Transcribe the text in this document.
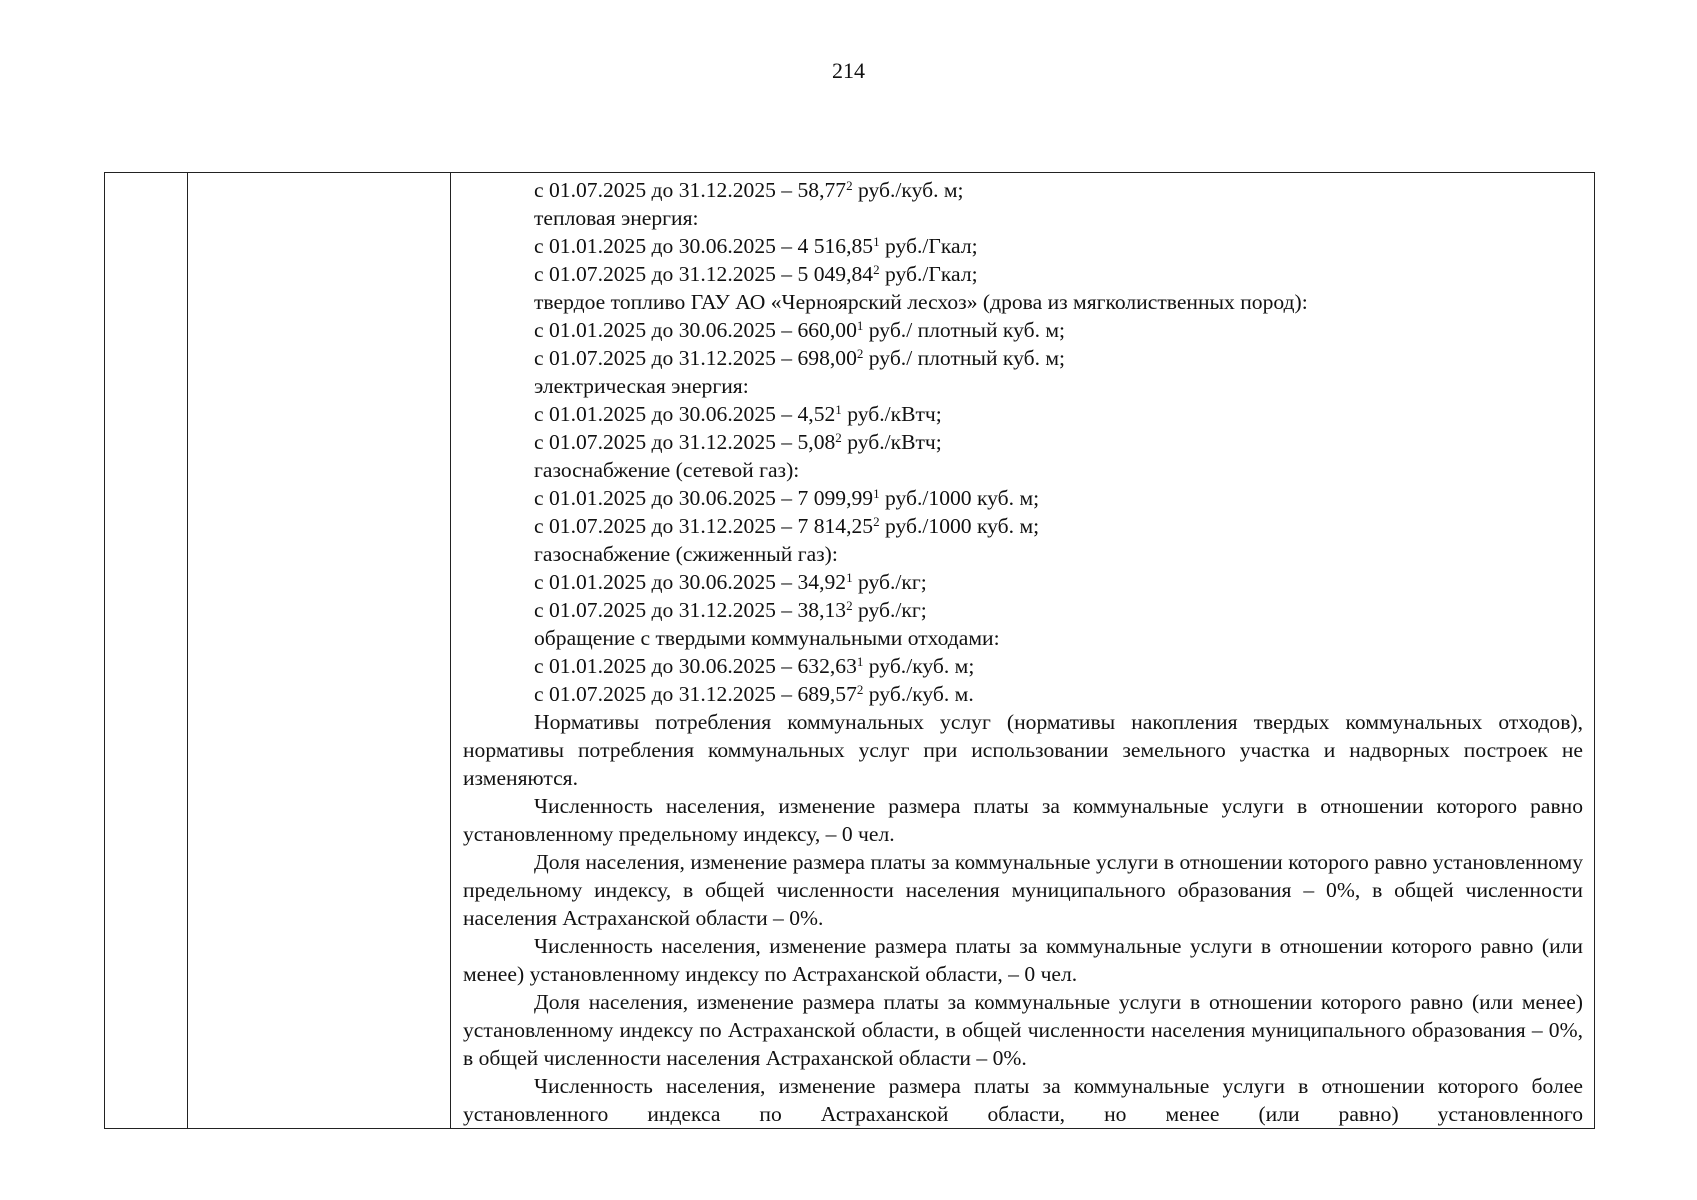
214

с 01.07.2025 до 31.12.2025 – 58,77$^2$ руб./куб. м;
тепловая энергия:
с 01.01.2025 до 30.06.2025 – 4 516,85$^1$ руб./Гкал;
с 01.07.2025 до 31.12.2025 – 5 049,84$^2$ руб./Гкал;
твердое топливо ГАУ АО «Черноярский лесхоз» (дрова из мягколиственных пород):
с 01.01.2025 до 30.06.2025 – 660,00$^1$ руб./ плотный куб. м;
с 01.07.2025 до 31.12.2025 – 698,00$^2$ руб./ плотный куб. м;
электрическая энергия:
с 01.01.2025 до 30.06.2025 – 4,52$^1$ руб./кВтч;
с 01.07.2025 до 31.12.2025 – 5,08$^2$ руб./кВтч;
газоснабжение (сетевой газ):
с 01.01.2025 до 30.06.2025 – 7 099,99$^1$ руб./1000 куб. м;
с 01.07.2025 до 31.12.2025 – 7 814,25$^2$ руб./1000 куб. м;
газоснабжение (сжиженный газ):
с 01.01.2025 до 30.06.2025 – 34,92$^1$ руб./кг;
с 01.07.2025 до 31.12.2025 – 38,13$^2$ руб./кг;
обращение с твердыми коммунальными отходами:
с 01.01.2025 до 30.06.2025 – 632,63$^1$ руб./куб. м;
с 01.07.2025 до 31.12.2025 – 689,57$^2$ руб./куб. м.
Нормативы потребления коммунальных услуг (нормативы накопления твердых коммунальных отходов), нормативы потребления коммунальных услуг при использовании земельного участка и надворных построек не изменяются.
Численность населения, изменение размера платы за коммунальные услуги в отношении которого равно установленному предельному индексу, – 0 чел.
Доля населения, изменение размера платы за коммунальные услуги в отношении которого равно установленному предельному индексу, в общей численности населения муниципального образования – 0%, в общей численности населения Астраханской области – 0%.
Численность населения, изменение размера платы за коммунальные услуги в отношении которого равно (или менее) установленному индексу по Астраханской области, – 0 чел.
Доля населения, изменение размера платы за коммунальные услуги в отношении которого равно (или менее) установленному индексу по Астраханской области, в общей численности населения муниципального образования – 0%, в общей численности населения Астраханской области – 0%.
Численность населения, изменение размера платы за коммунальные услуги в отношении которого более установленного индекса по Астраханской области, но менее (или равно) установленного
